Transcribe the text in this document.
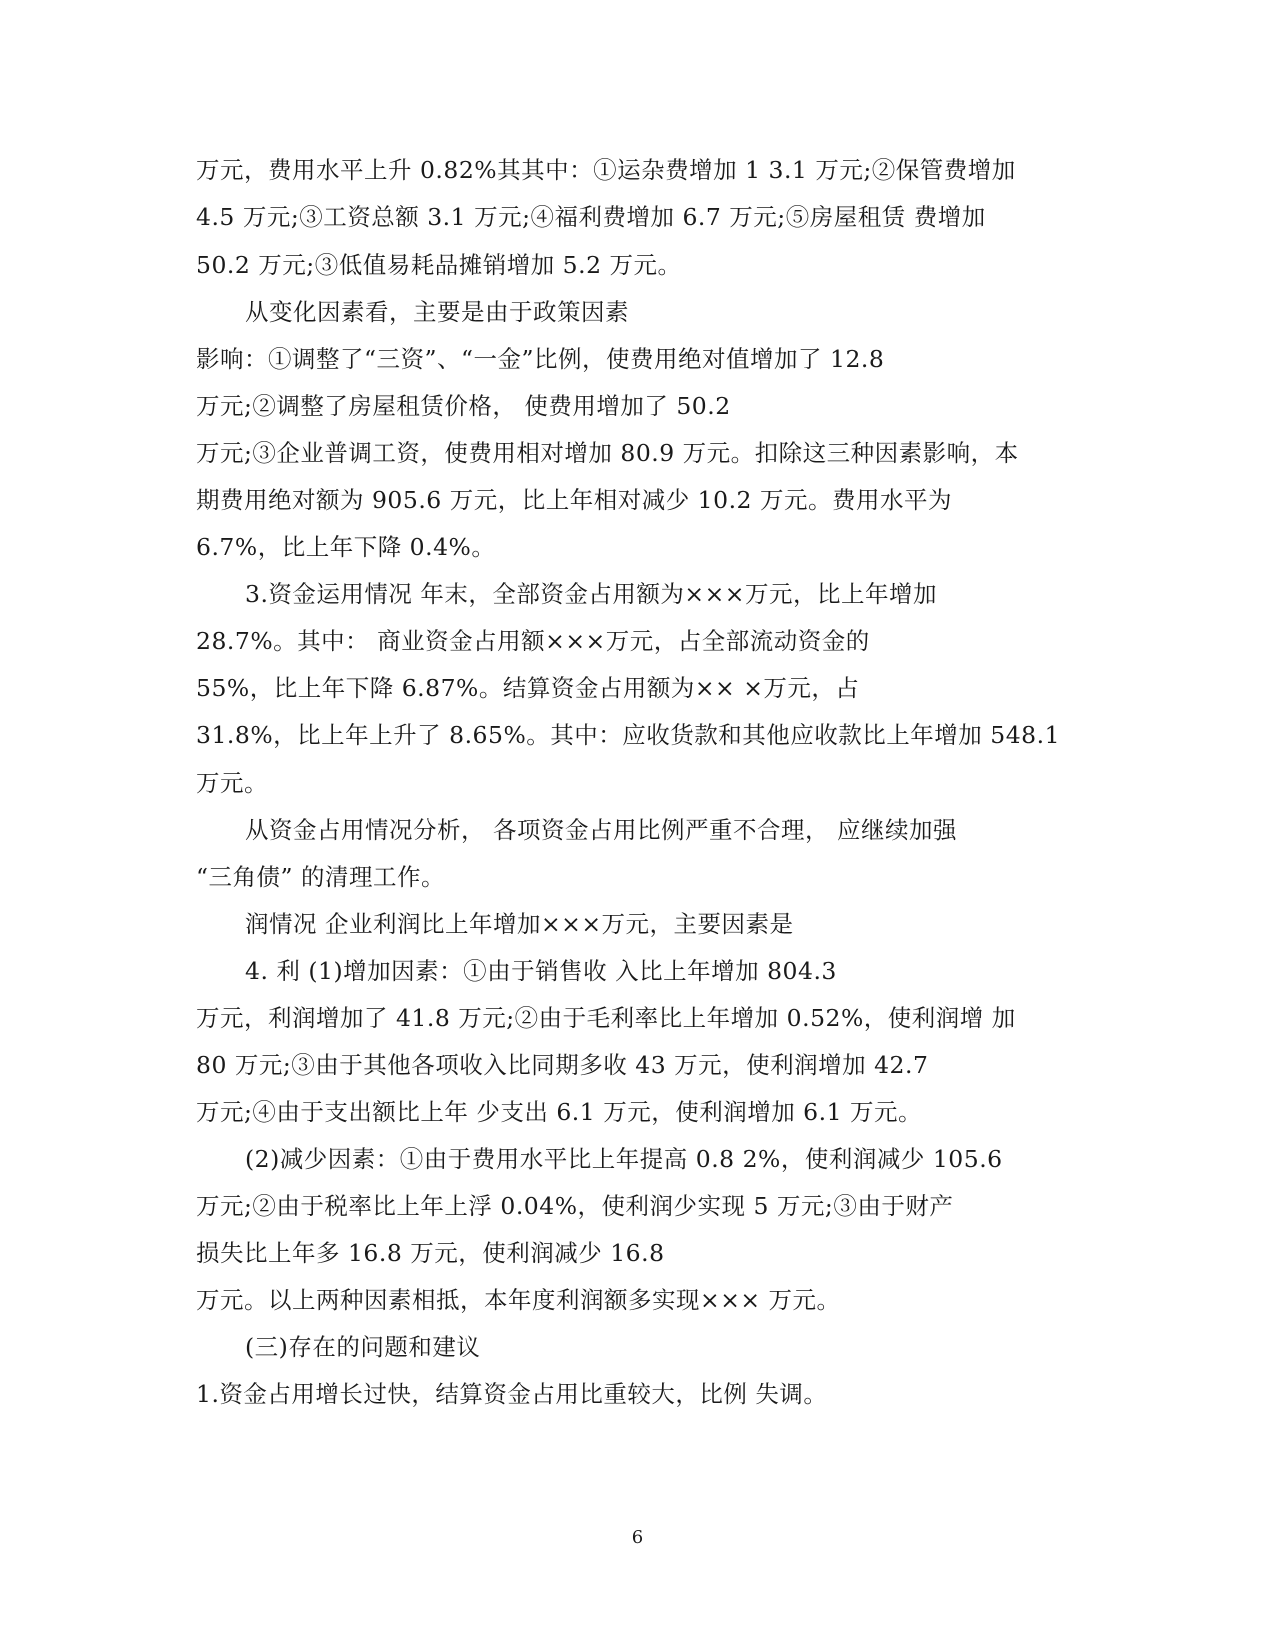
万元，费用水平上升 0.82%其其中：①运杂费增加 1 3.1 万元;②保管费增加
4.5 万元;③工资总额 3.1 万元;④福利费增加 6.7 万元;⑤房屋租赁 费增加
50.2 万元;③低值易耗品摊销增加 5.2 万元。
从变化因素看，主要是由于政策因素
影响：①调整了“三资”、“一金”比例，使费用绝对值增加了 12.8
万元;②调整了房屋租赁价格， 使费用增加了 50.2
万元;③企业普调工资，使费用相对增加 80.9 万元。扣除这三种因素影响，本
期费用绝对额为 905.6 万元，比上年相对减少 10.2 万元。费用水平为
6.7%，比上年下降 0.4%。
3.资金运用情况 年末，全部资金占用额为×××万元，比上年增加
28.7%。其中： 商业资金占用额×××万元，占全部流动资金的
55%，比上年下降 6.87%。结算资金占用额为×× ×万元，占
31.8%，比上年上升了 8.65%。其中：应收货款和其他应收款比上年增加 548.1
万元。
从资金占用情况分析， 各项资金占用比例严重不合理， 应继续加强
“三角债” 的清理工作。
润情况 企业利润比上年增加×××万元，主要因素是
4. 利 (1)增加因素：①由于销售收 入比上年增加 804.3
万元，利润增加了 41.8 万元;②由于毛利率比上年增加 0.52%，使利润增 加
80 万元;③由于其他各项收入比同期多收 43 万元，使利润增加 42.7
万元;④由于支出额比上年 少支出 6.1 万元，使利润增加 6.1 万元。
(2)减少因素：①由于费用水平比上年提高 0.8 2%，使利润减少 105.6
万元;②由于税率比上年上浮 0.04%，使利润少实现 5 万元;③由于财产
损失比上年多 16.8 万元，使利润减少 16.8
万元。以上两种因素相抵，本年度利润额多实现××× 万元。
(三)存在的问题和建议
1.资金占用增长过快，结算资金占用比重较大，比例 失调。
6
